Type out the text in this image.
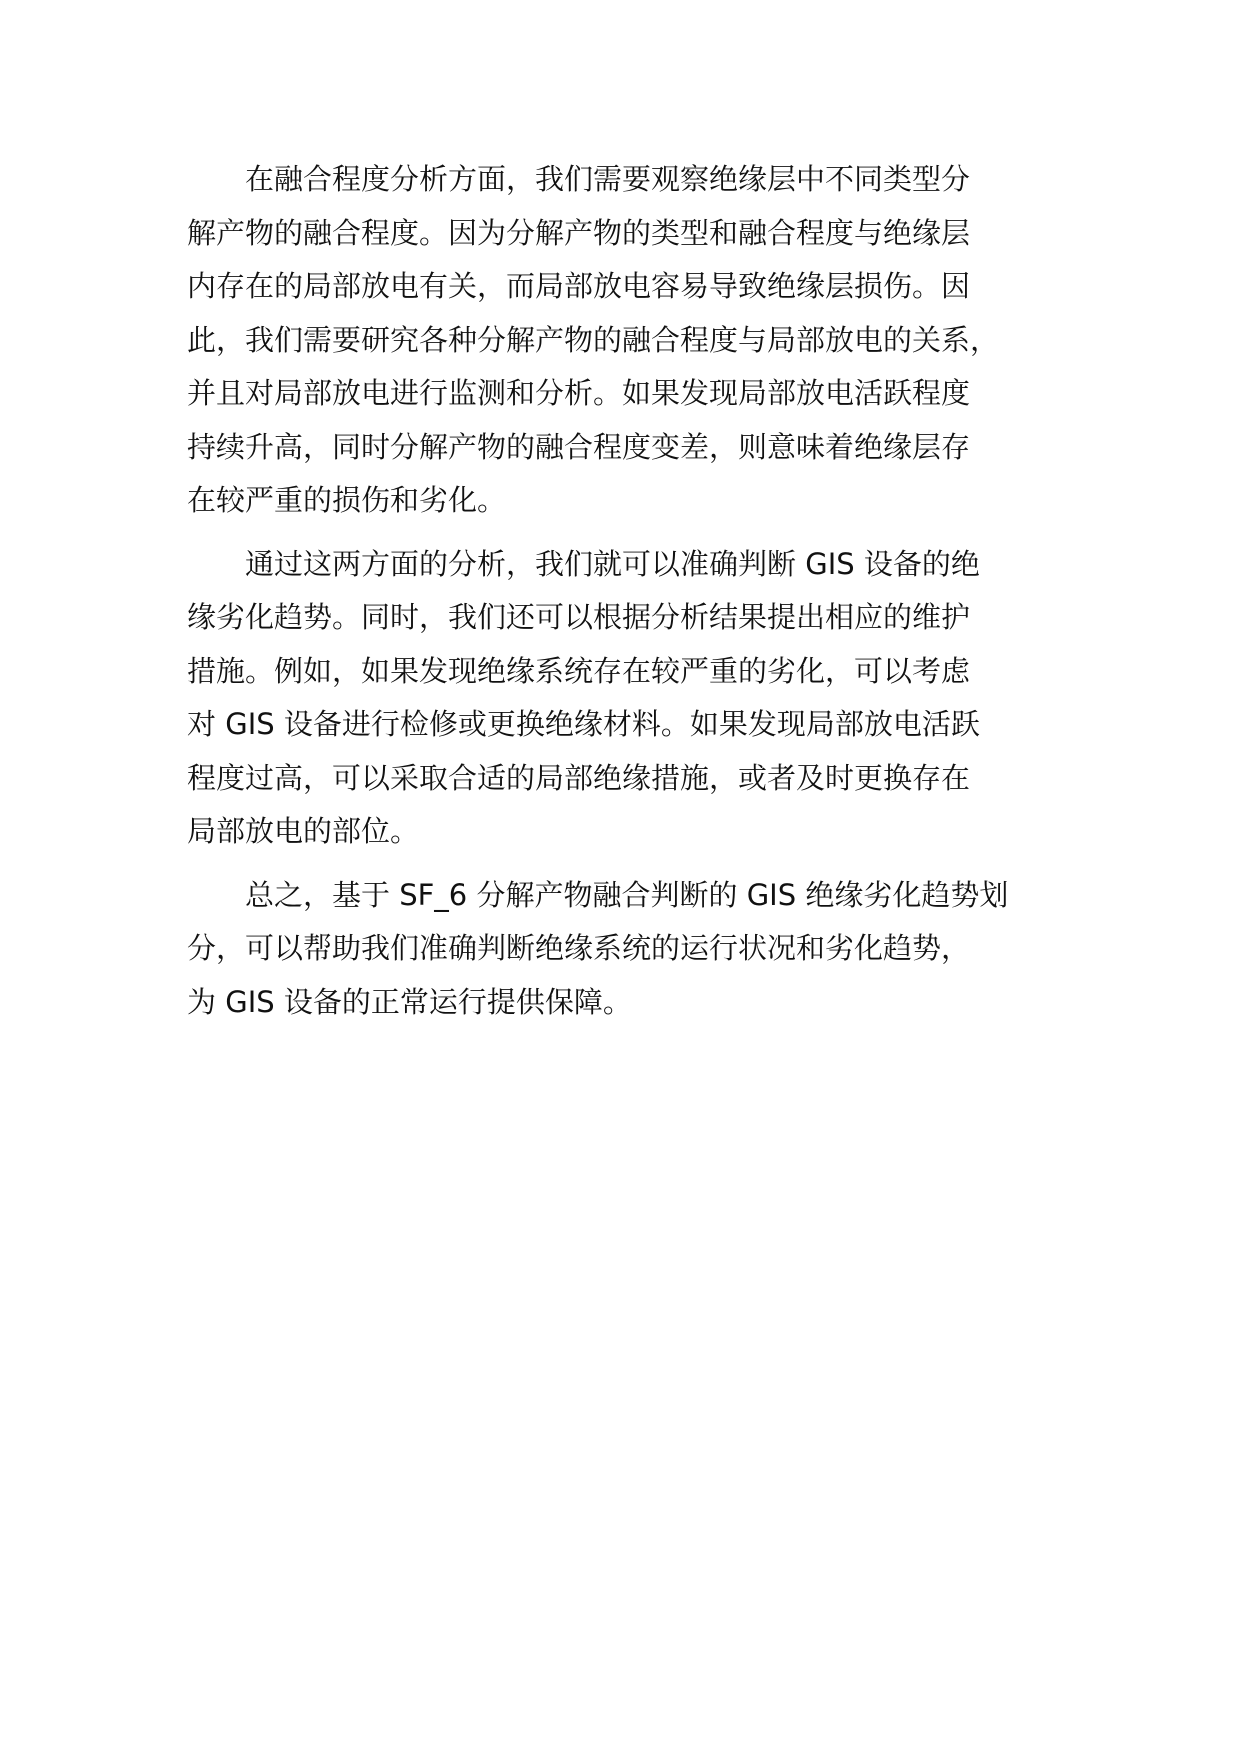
在融合程度分析方面，我们需要观察绝缘层中不同类型分
解产物的融合程度。因为分解产物的类型和融合程度与绝缘层
内存在的局部放电有关，而局部放电容易导致绝缘层损伤。因
此，我们需要研究各种分解产物的融合程度与局部放电的关系，
并且对局部放电进行监测和分析。如果发现局部放电活跃程度
持续升高，同时分解产物的融合程度变差，则意味着绝缘层存
在较严重的损伤和劣化。

通过这两方面的分析，我们就可以准确判断 GIS 设备的绝
缘劣化趋势。同时，我们还可以根据分析结果提出相应的维护
措施。例如，如果发现绝缘系统存在较严重的劣化，可以考虑
对 GIS 设备进行检修或更换绝缘材料。如果发现局部放电活跃
程度过高，可以采取合适的局部绝缘措施，或者及时更换存在
局部放电的部位。

总之，基于 SF_6 分解产物融合判断的 GIS 绝缘劣化趋势划
分，可以帮助我们准确判断绝缘系统的运行状况和劣化趋势，
为 GIS 设备的正常运行提供保障。
